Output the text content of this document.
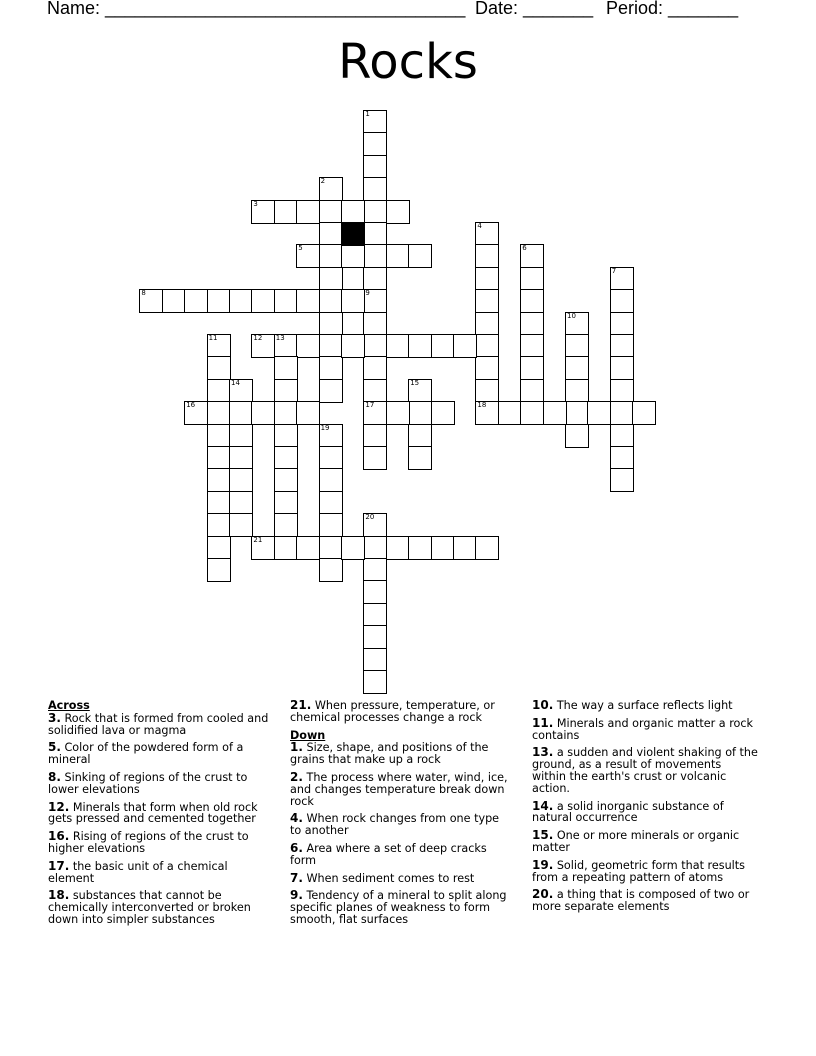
Name: ____________________________________ Date: _______ Period: _______
Rocks
1
9
2
3
4
5	6
7
8
17
10
11	12 13
14	15
16	18
19
20
21
Across
3. Rock that is formed from cooled and solidified lava or magma
5. Color of the powdered form of a mineral
8. Sinking of regions of the crust to lower elevations
12. Minerals that form when old rock gets pressed and cemented together
16. Rising of regions of the crust to higher elevations
17. the basic unit of a chemical element
18. substances that cannot be chemically interconverted or broken down into simpler substances
21. When pressure, temperature, or chemical processes change a rock
Down
1. Size, shape, and positions of the grains that make up a rock
2. The process where water, wind, ice, and changes temperature break down rock
4. When rock changes from one type to another
6. Area where a set of deep cracks form
7. When sediment comes to rest
9. Tendency of a mineral to split along specific planes of weakness to form smooth, flat surfaces
10. The way a surface reflects light
11. Minerals and organic matter a rock contains
13. a sudden and violent shaking of the ground, as a result of movements within the earth's crust or volcanic action.
14. a solid inorganic substance of natural occurrence
15. One or more minerals or organic matter
19. Solid, geometric form that results from a repeating pattern of atoms
20. a thing that is composed of two or more separate elements
